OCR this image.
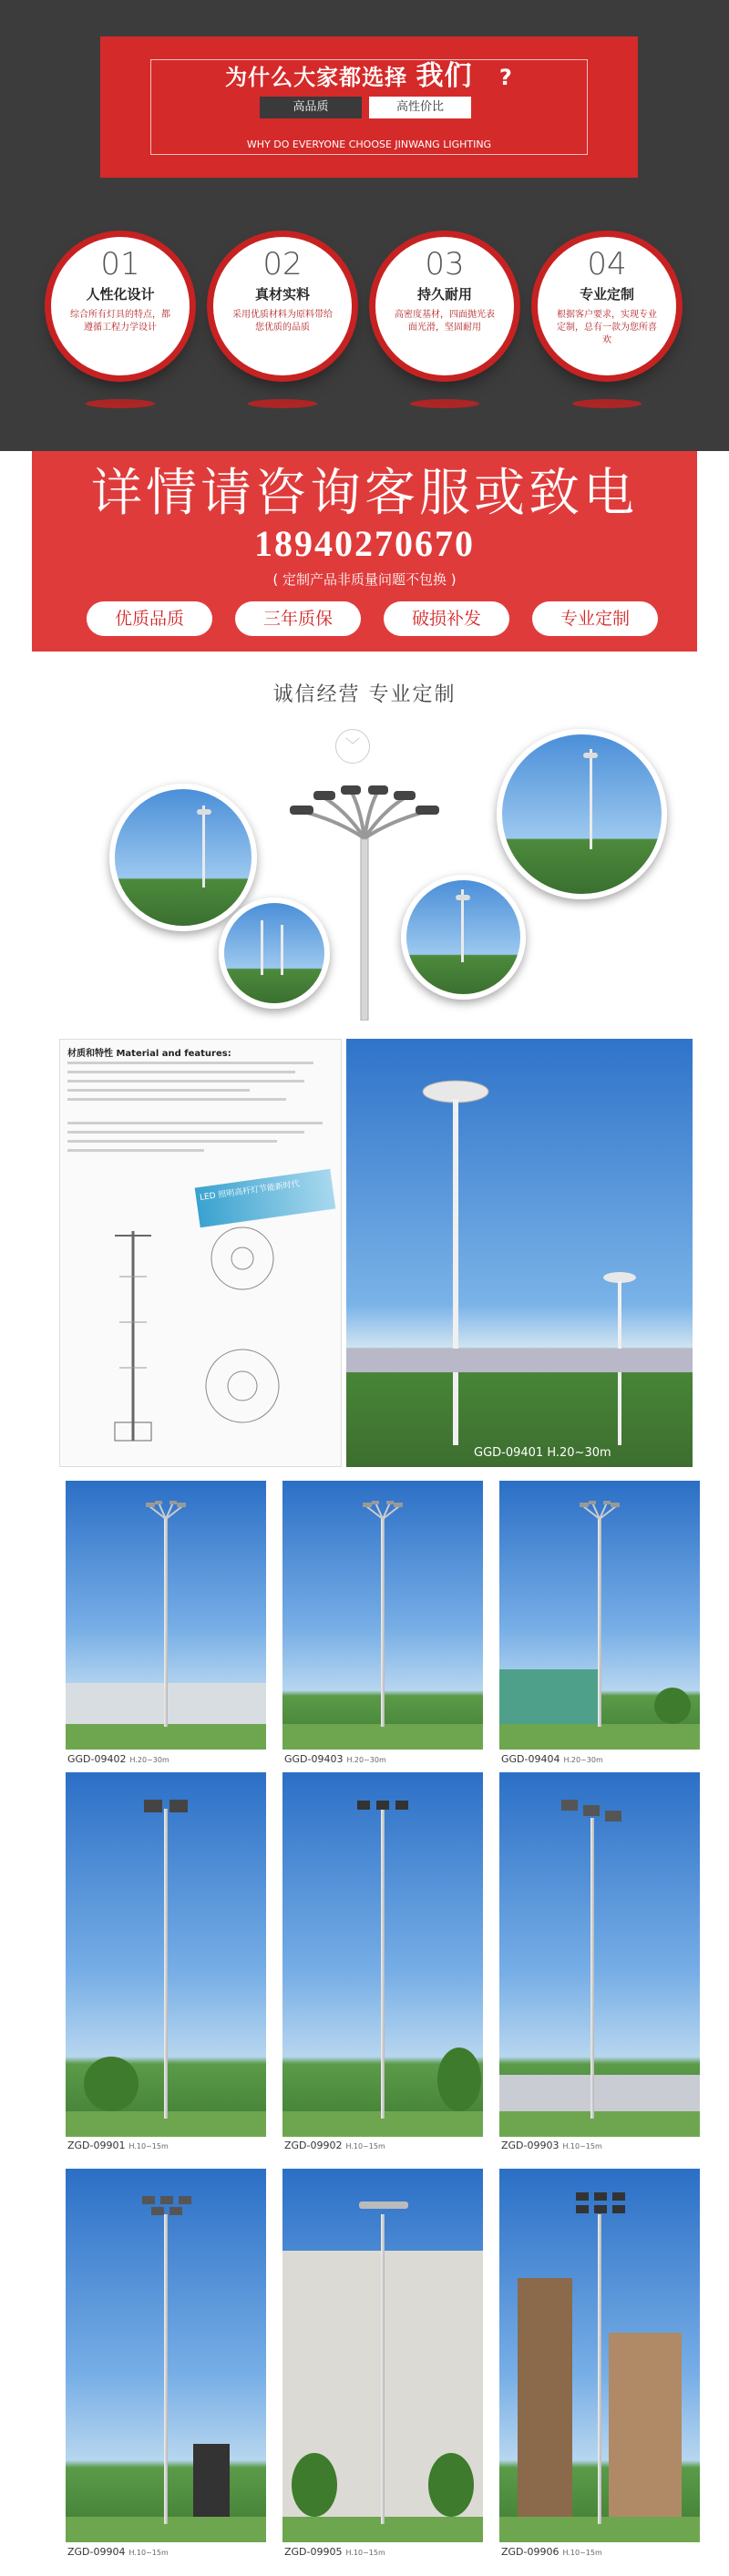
为什么大家都选择 我们 ?
高品质	高性价比
WHY DO EVERYONE CHOOSE JINWANG LIGHTING
01
人性化设计
综合所有灯具的特点，都遵循工程力学设计
02
真材实料
采用优质材料为原料带给您优质的品质
03
持久耐用
高密度基材，四面抛光表面光滑，坚固耐用
04
专业定制
根据客户要求，实现专业定制，总有一款为您所喜欢
详情请咨询客服或致电
18940270670
( 定制产品非质量问题不包换 )
优质品质	三年质保	破损补发	专业定制
诚信经营 专业定制
﹀
材质和特性 Material and features:
LED 照明高杆灯节能新时代
GGD-09401 H.20~30m
GGD-09402 H.20~30m	GGD-09403 H.20~30m	GGD-09404 H.20~30m
ZGD-09901 H.10~15m	ZGD-09902 H.10~15m	ZGD-09903 H.10~15m
ZGD-09904 H.10~15m	ZGD-09905 H.10~15m	ZGD-09906 H.10~15m
